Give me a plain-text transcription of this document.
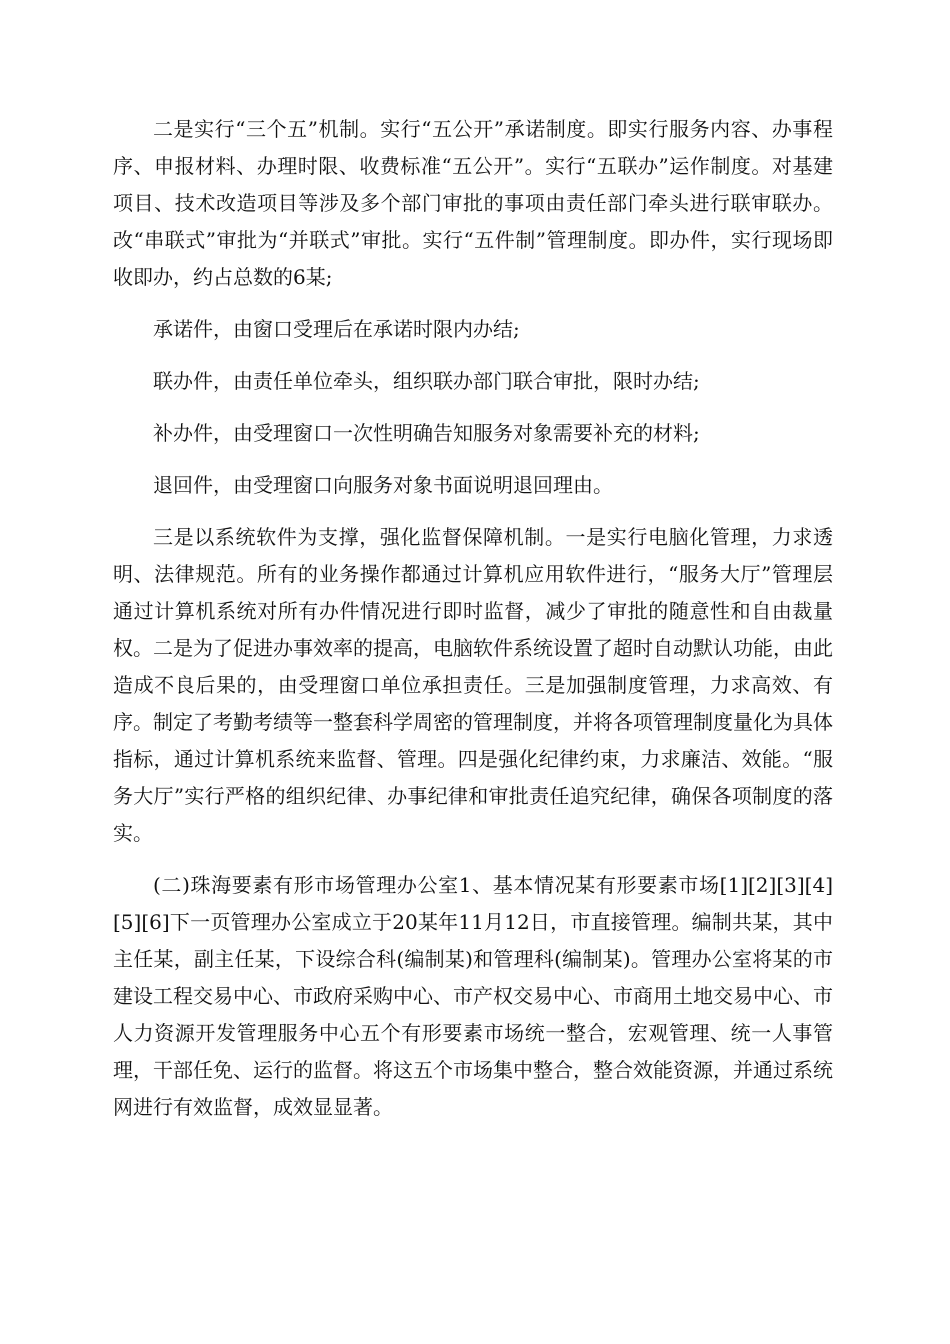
二是实行“三个五”机制。实行“五公开”承诺制度。即实行服务内容、办事程序、申报材料、办理时限、收费标准“五公开”。实行“五联办”运作制度。对基建项目、技术改造项目等涉及多个部门审批的事项由责任部门牵头进行联审联办。改“串联式”审批为“并联式”审批。实行“五件制”管理制度。即办件，实行现场即收即办，约占总数的6某;

承诺件，由窗口受理后在承诺时限内办结;

联办件，由责任单位牵头，组织联办部门联合审批，限时办结;

补办件，由受理窗口一次性明确告知服务对象需要补充的材料;

退回件，由受理窗口向服务对象书面说明退回理由。

三是以系统软件为支撑，强化监督保障机制。一是实行电脑化管理，力求透明、法律规范。所有的业务操作都通过计算机应用软件进行，“服务大厅”管理层通过计算机系统对所有办件情况进行即时监督，减少了审批的随意性和自由裁量权。二是为了促进办事效率的提高，电脑软件系统设置了超时自动默认功能，由此造成不良后果的，由受理窗口单位承担责任。三是加强制度管理，力求高效、有序。制定了考勤考绩等一整套科学周密的管理制度，并将各项管理制度量化为具体指标，通过计算机系统来监督、管理。四是强化纪律约束，力求廉洁、效能。“服务大厅”实行严格的组织纪律、办事纪律和审批责任追究纪律，确保各项制度的落实。

(二)珠海要素有形市场管理办公室1、基本情况某有形要素市场[1][2][3][4][5][6]下一页管理办公室成立于20某年11月12日，市直接管理。编制共某，其中主任某，副主任某，下设综合科(编制某)和管理科(编制某)。管理办公室将某的市建设工程交易中心、市政府采购中心、市产权交易中心、市商用土地交易中心、市人力资源开发管理服务中心五个有形要素市场统一整合，宏观管理、统一人事管理，干部任免、运行的监督。将这五个市场集中整合，整合效能资源，并通过系统网进行有效监督，成效显显著。
